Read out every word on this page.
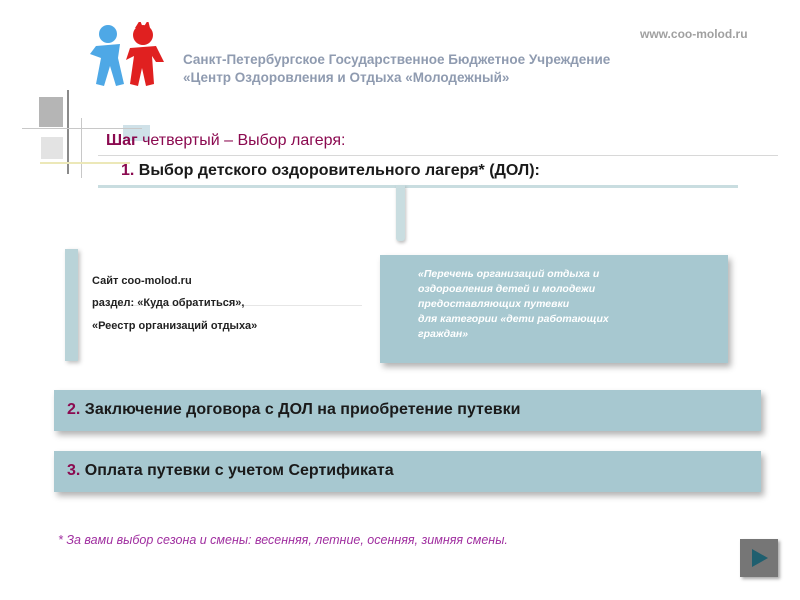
www.coo-molod.ru
Санкт-Петербургское Государственное Бюджетное Учреждение
«Центр Оздоровления и Отдыха «Молодежный»
Шаг четвертый – Выбор лагеря:
1. Выбор детского оздоровительного лагеря* (ДОЛ):
Сайт coo-molod.ru
раздел: «Куда обратиться»,
«Реестр организаций отдыха»
«Перечень организаций отдыха и
оздоровления детей и молодежи
предоставляющих путевки
для категории «дети работающих
граждан»
2. Заключение договора с ДОЛ на приобретение путевки
3. Оплата путевки с учетом Сертификата
* За вами выбор сезона и смены: весенняя, летние, осенняя, зимняя смены.
